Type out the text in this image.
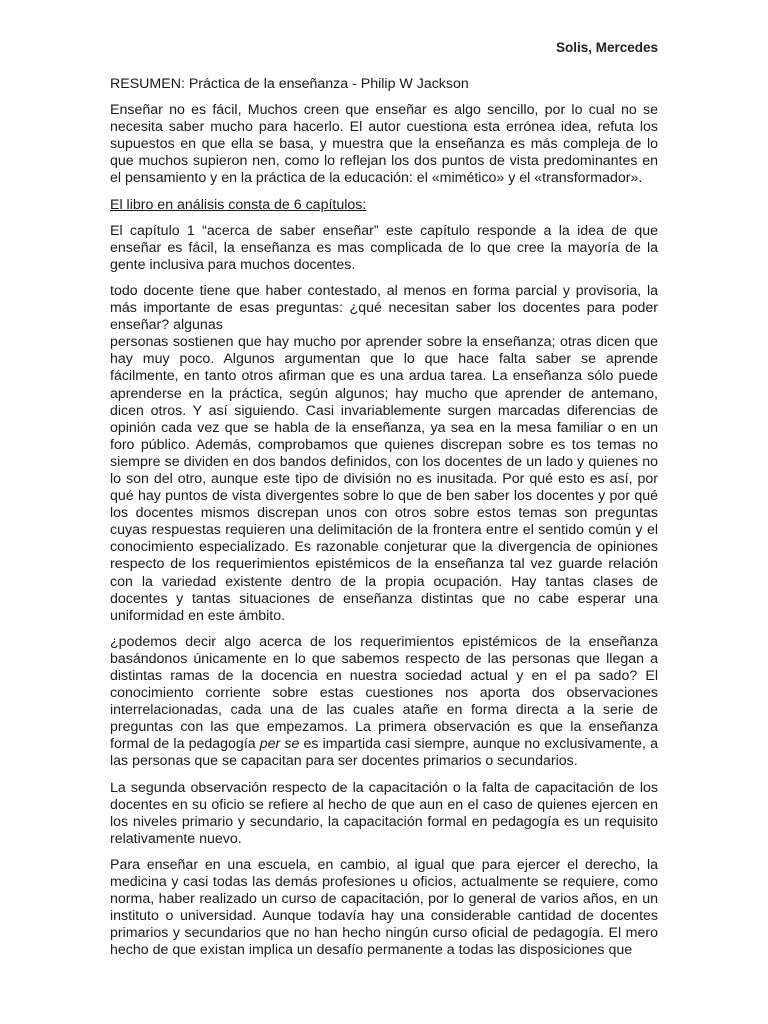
Solis, Mercedes

RESUMEN: Práctica de la enseñanza - Philip W Jackson

Enseñar no es fácil, Muchos creen que enseñar es algo sencillo, por lo cual no se necesita saber mucho para hacerlo. El autor cuestiona esta errónea idea, refuta los supuestos en que ella se basa, y muestra que la enseñanza es más compleja de lo que muchos supieron nen, como lo reflejan los dos puntos de vista predominantes en el pensamiento y en la práctica de la educación: el «mimético» y el «transformador».

El libro en análisis consta de 6 capítulos:

El capítulo 1 “acerca de saber enseñar” este capítulo responde a la idea de que enseñar es fácil, la enseñanza es mas complicada de lo que cree la mayoría de la gente inclusiva para muchos docentes.

todo docente tiene que haber contestado, al menos en forma parcial y provisoria, la más importante de esas preguntas: ¿qué necesitan saber los docentes para poder enseñar? algunas

personas sostienen que hay mucho por aprender sobre la enseñanza; otras dicen que hay muy poco. Algunos argumentan que lo que hace falta saber se aprende fácilmente, en tanto otros afirman que es una ardua tarea. La enseñanza sólo puede aprenderse en la práctica, según algunos; hay mucho que aprender de antemano, dicen otros. Y así siguiendo. Casi invariablemente surgen marcadas diferencias de opinión cada vez que se habla de la enseñanza, ya sea en la mesa familiar o en un foro público. Además, comprobamos que quienes discrepan sobre es tos temas no siempre se dividen en dos bandos definidos, con los docentes de un lado y quienes no lo son del otro, aunque este tipo de división no es inusitada. Por qué esto es así, por qué hay puntos de vista divergentes sobre lo que de ben saber los docentes y por qué los docentes mismos discrepan unos con otros sobre estos temas son preguntas cuyas respuestas requieren una delimitación de la frontera entre el sentido común y el conocimiento especializado. Es razonable conjeturar que la divergencia de opiniones respecto de los requerimientos epistémicos de la enseñanza tal vez guarde relación con la variedad existente dentro de la propia ocupación. Hay tantas clases de docentes y tantas situaciones de enseñanza distintas que no cabe esperar una uniformidad en este ámbito.

¿podemos decir algo acerca de los requerimientos epistémicos de la enseñanza basándonos únicamente en lo que sabemos respecto de las personas que llegan a distintas ramas de la docencia en nuestra sociedad actual y en el pa sado? El conocimiento corriente sobre estas cuestiones nos aporta dos observaciones interrelacionadas, cada una de las cuales atañe en forma directa a la serie de preguntas con las que empezamos. La primera observación es que la enseñanza formal de la pedagogía per se es impartida casi siempre, aunque no exclusivamente, a las personas que se capacitan para ser docentes primarios o secundarios.

La segunda observación respecto de la capacitación o la falta de capacitación de los docentes en su oficio se refiere al hecho de que aun en el caso de quienes ejercen en los niveles primario y secundario, la capacitación formal en pedagogía es un requisito relativamente nuevo.

Para enseñar en una escuela, en cambio, al igual que para ejercer el derecho, la medicina y casi todas las demás profesiones u oficios, actualmente se requiere, como norma, haber realizado un curso de capacitación, por lo general de varios años, en un instituto o universidad. Aunque todavía hay una considerable cantidad de docentes primarios y secundarios que no han hecho ningún curso oficial de pedagogía. El mero hecho de que existan implica un desafío permanente a todas las disposiciones que
